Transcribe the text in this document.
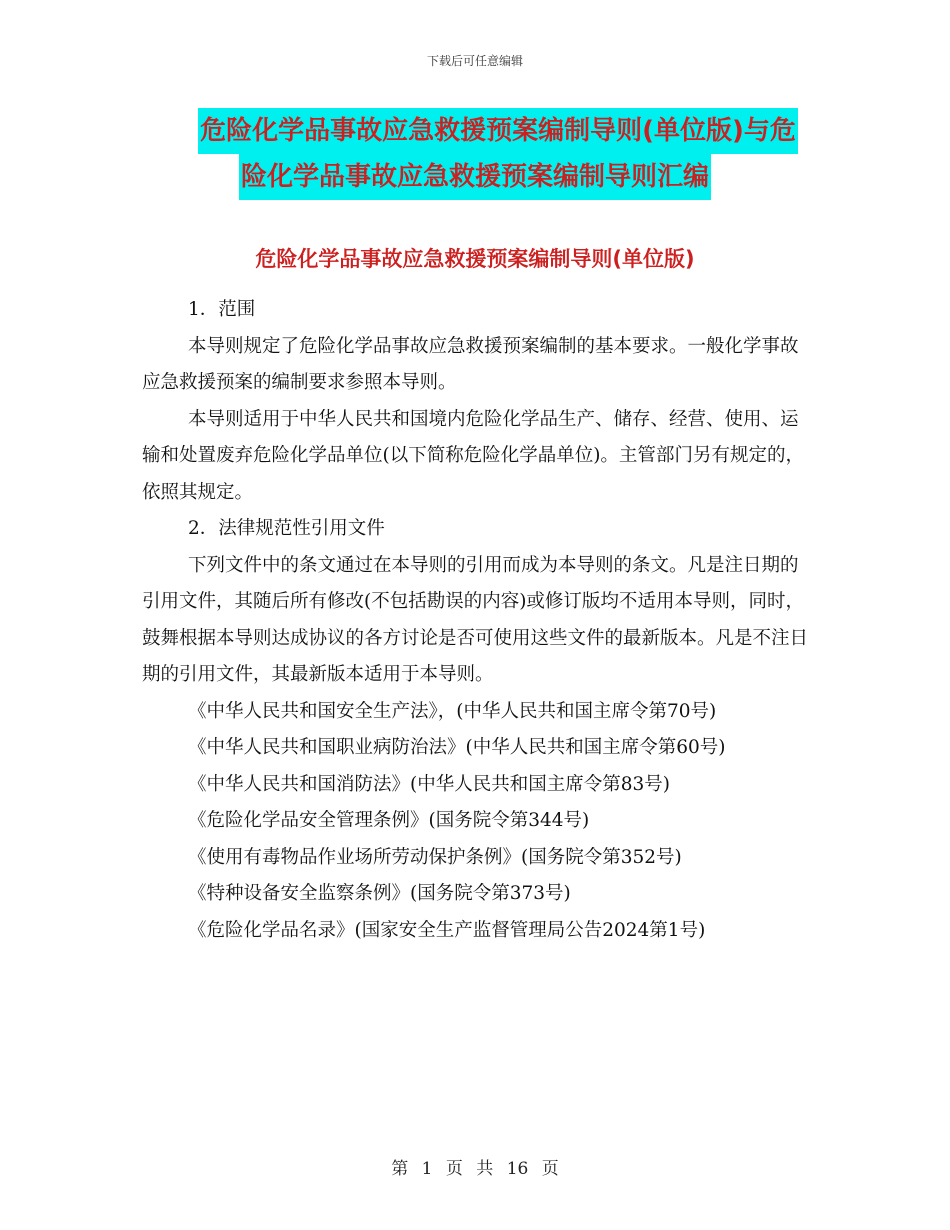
下载后可任意编辑
危险化学品事故应急救援预案编制导则(单位版)与危
险化学品事故应急救援预案编制导则汇编
危险化学品事故应急救援预案编制导则(单位版)

1．范围

本导则规定了危险化学品事故应急救援预案编制的基本要求。一般化学事故应急救援预案的编制要求参照本导则。

本导则适用于中华人民共和国境内危险化学品生产、储存、经营、使用、运输和处置废弃危险化学品单位(以下简称危险化学晶单位)。主管部门另有规定的，依照其规定。

2．法律规范性引用文件

下列文件中的条文通过在本导则的引用而成为本导则的条文。凡是注日期的引用文件，其随后所有修改(不包括勘误的内容)或修订版均不适用本导则，同时，鼓舞根据本导则达成协议的各方讨论是否可使用这些文件的最新版本。凡是不注日期的引用文件，其最新版本适用于本导则。

《中华人民共和国安全生产法》，(中华人民共和国主席令第70号)

《中华人民共和国职业病防治法》(中华人民共和国主席令第60号)

《中华人民共和国消防法》(中华人民共和国主席令第83号)

《危险化学品安全管理条例》(国务院令第344号)

《使用有毒物品作业场所劳动保护条例》(国务院令第352号)

《特种设备安全监察条例》(国务院令第373号)

《危险化学品名录》(国家安全生产监督管理局公告2024第1号)

第 1 页 共 16 页
